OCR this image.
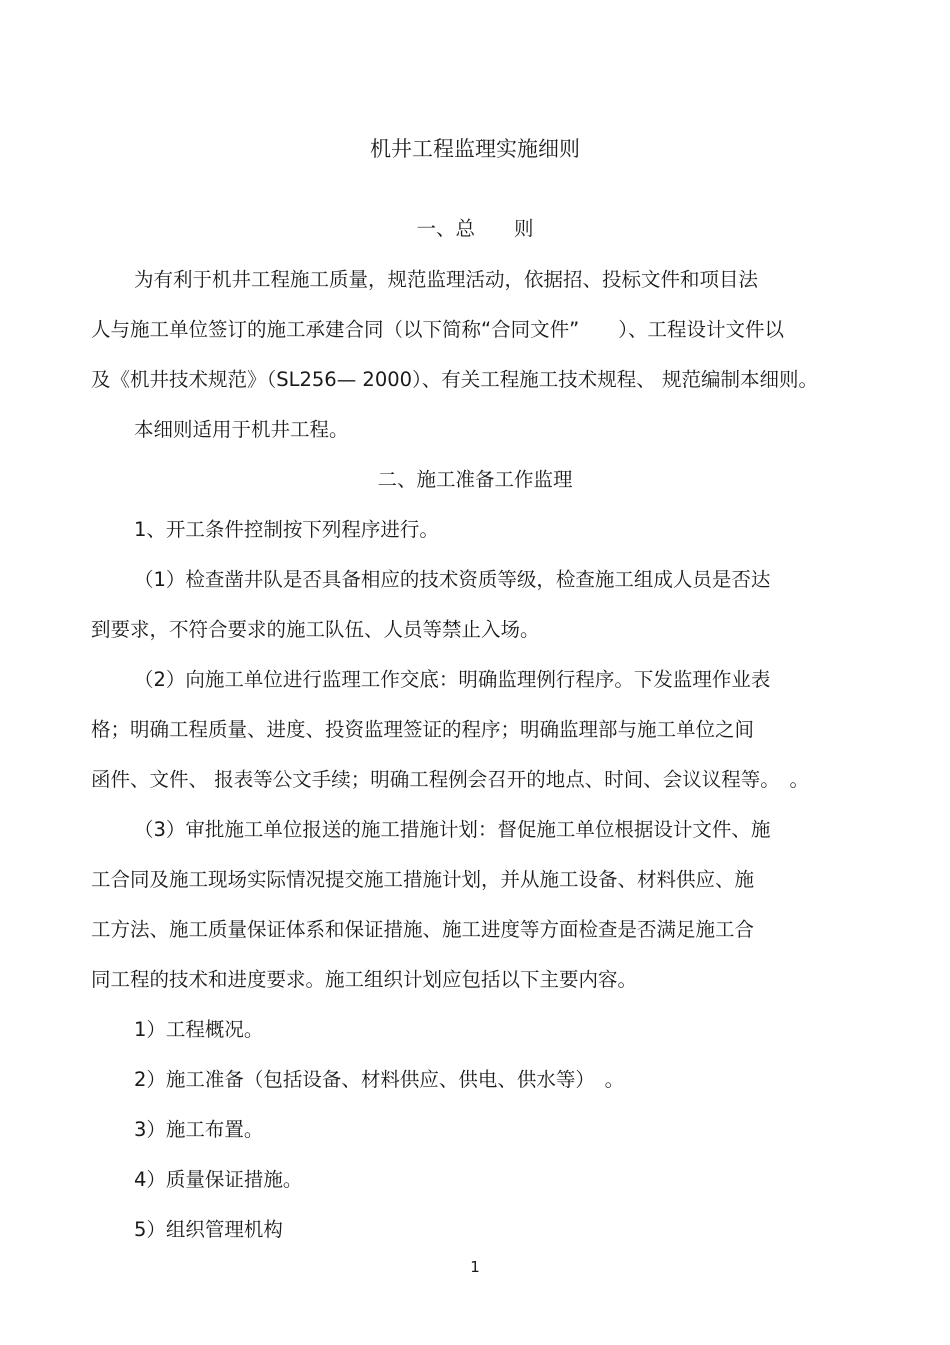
机井工程监理实施细则

一、总　　则

为有利于机井工程施工质量，规范监理活动，依据招、投标文件和项目法

人与施工单位签订的施工承建合同（以下简称“合同文件”　　）、工程设计文件以

及《机井技术规范》（SL256— 2000）、有关工程施工技术规程、 规范编制本细则。

本细则适用于机井工程。

二、施工准备工作监理

1、开工条件控制按下列程序进行。

（1）检查凿井队是否具备相应的技术资质等级，检查施工组成人员是否达

到要求，不符合要求的施工队伍、人员等禁止入场。

（2）向施工单位进行监理工作交底：明确监理例行程序。下发监理作业表

格；明确工程质量、进度、投资监理签证的程序；明确监理部与施工单位之间

函件、文件、 报表等公文手续；明确工程例会召开的地点、时间、会议议程等。　。

（3）审批施工单位报送的施工措施计划：督促施工单位根据设计文件、施

工合同及施工现场实际情况提交施工措施计划，并从施工设备、材料供应、施

工方法、施工质量保证体系和保证措施、施工进度等方面检查是否满足施工合

同工程的技术和进度要求。施工组织计划应包括以下主要内容。

1）工程概况。

2）施工准备（包括设备、材料供应、供电、供水等）　。

3）施工布置。

4）质量保证措施。

5）组织管理机构

1
